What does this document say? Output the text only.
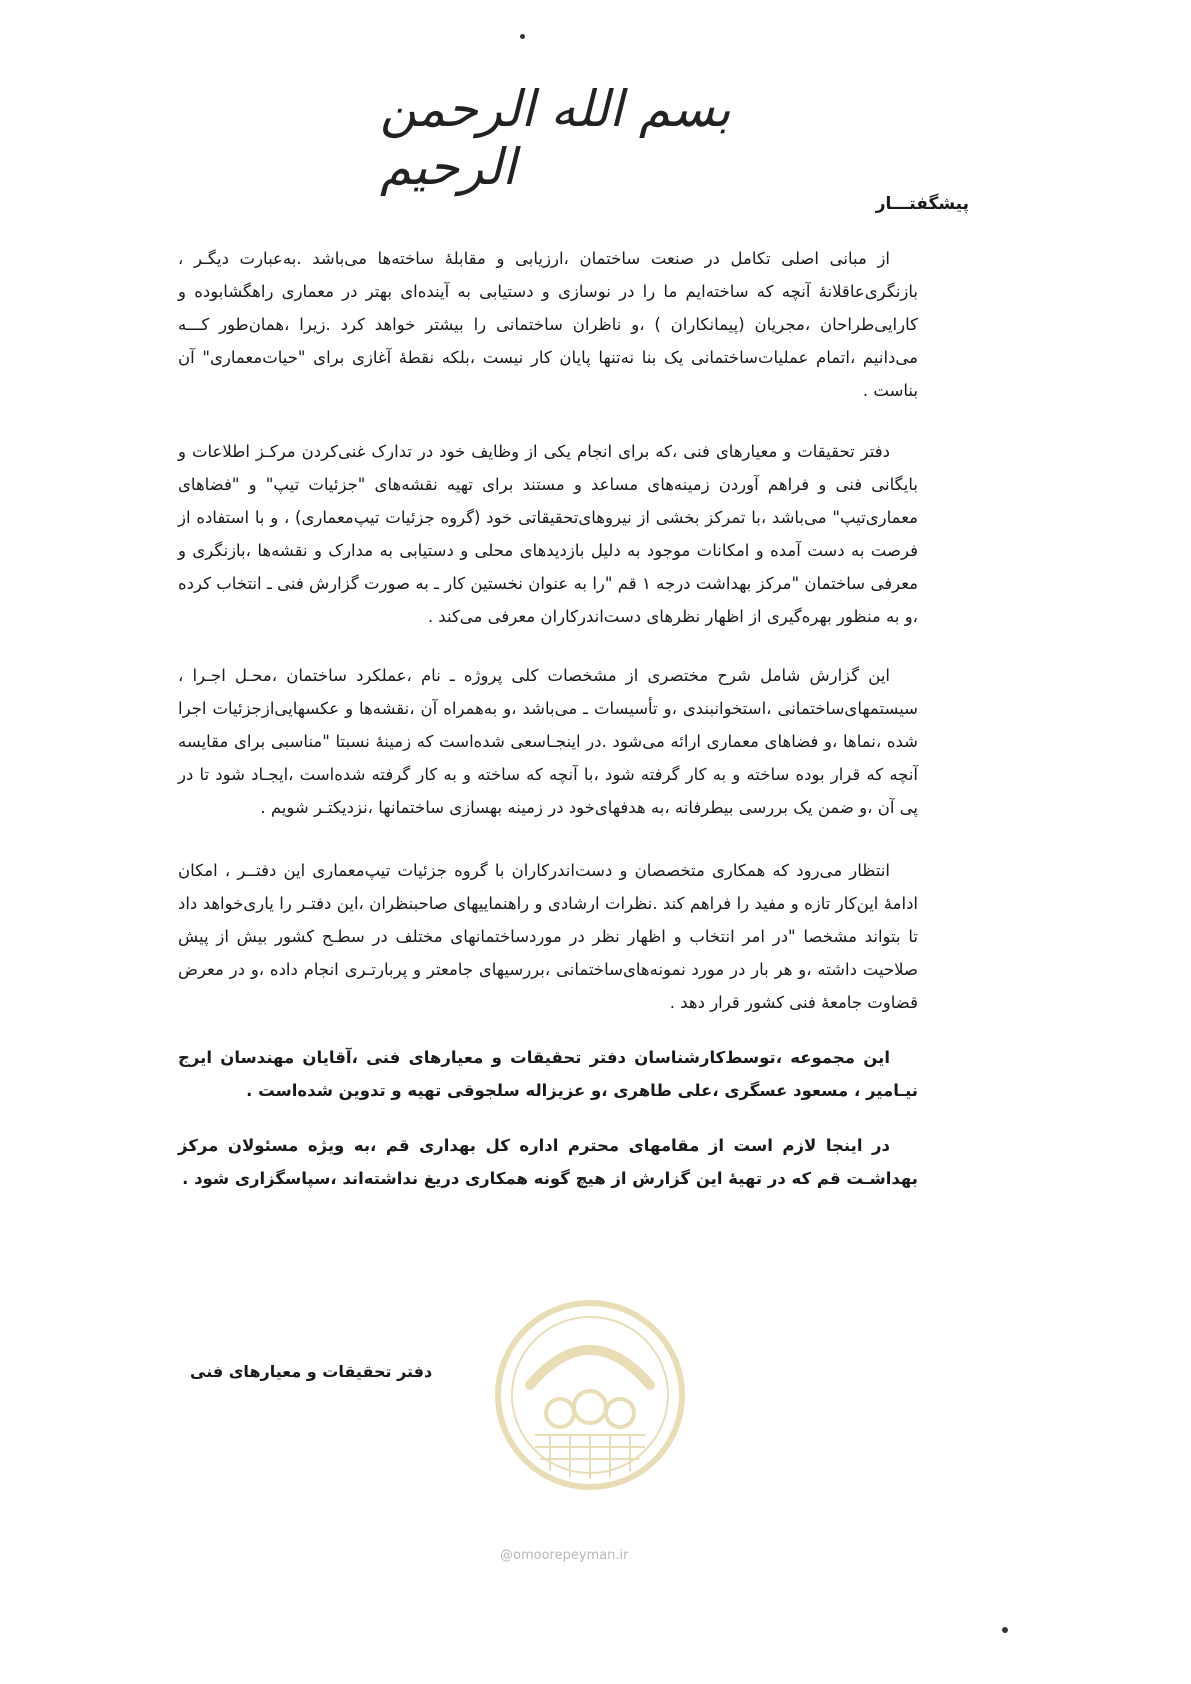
بسم الله الرحمن الرحیم
پیشگفتـــار

از مبانی اصلی تکامل در صنعت ساختمان ،ارزیابی و مقابله‌ٔ ساخته‌ها می‌باشد .به‌عبارت دیگـر ، بازنگری‌عاقلانه‌ٔ آنچه که ساخته‌ایم ما را در نوسازی و دستیابی به آینده‌ای بهتر در معماری راهگشابوده و کارایی‌طراحان ،مجریان (پیمانکاران ) ،و ناظران ساختمانی را بیشتر خواهد کرد .زیرا ،همان‌طور کـــه می‌دانیم ،اتمام عملیات‌ساختمانی یک بنا نه‌تنها پایان کار نیست ،بلکه نقطه‌ٔ آغازی برای "حیات‌معماری" آن بناست .

دفتر تحقیقات و معیارهای فنی ،که برای انجام یکی از وظایف خود در تدارک غنی‌کردن مرکـز اطلاعات و بایگانی فنی و فراهم آوردن زمینه‌های مساعد و مستند برای تهیه نقشه‌های "جزئیات تیپ" و "فضاهای معماری‌تیپ" می‌باشد ،با تمرکز بخشی از نیروهای‌تحقیقاتی خود (گروه جزئیات تیپ‌معماری) ، و با استفاده از فرصت به دست آمده و امکانات موجود به دلیل بازدیدهای محلی و دستیابی به مدارک و نقشه‌ها ،بازنگری و معرفی ساختمان "مرکز بهداشت درجه ۱ قم "را به عنوان نخستین کار ـ به صورت گزارش فنی ـ انتخاب کرده ،و به منظور بهره‌گیری از اظهار نظرهای دست‌اندرکاران معرفی می‌کند .

این گزارش شامل شرح مختصری از مشخصات کلی پروژه ـ نام ،عملکرد ساختمان ،محـل اجـرا ، سیستمهای‌ساختمانی ،استخوانبندی ،و تأسیسات ـ می‌باشد ،و به‌همراه آن ،نقشه‌ها و عکسهایی‌ازجزئیات اجرا شده ،نماها ،و فضاهای معماری ارائه می‌شود .در اینجـا‌سعی شده‌است که زمینه‌ٔ نسبتا "مناسبی برای مقایسه آنچه که قرار بوده ساخته و به کار گرفته شود ،با آنچه که ساخته و به کار گرفته شده‌است ،ایجـاد شود تا در پی آن ،و ضمن یک بررسی بیطرفانه ،به هدفهای‌خود در زمینه بهسازی ساختمانها ،نزدیکتـر شویم .

انتظار می‌رود که همکاری متخصصان و دست‌اندرکاران با گروه جزئیات تیپ‌معماری این دفتــر ، امکان ادامه‌ٔ این‌کار تازه و مفید را فراهم کند .نظرات ارشادی و راهنماییهای صاحبنظران ،این دفتـر را یاری‌خواهد داد تا بتواند مشخصا "در امر انتخاب و اظهار نظر در موردساختمانهای مختلف در سطـح کشور بیش از پیش صلاحیت داشته ،و هر بار در مورد نمونه‌های‌ساختمانی ،بررسیهای جامعتر و پربارتـری انجام داده ،و در معرض قضاوت جامعه‌ٔ فنی کشور قرار دهد .

این مجموعه ،توسط‌کارشناسان دفتر تحقیقات و معیارهای فنی ،آقایان مهندسان ایرج نیـامیر ، مسعود عسگری ،علی طاهری ،و عزیزاله سلجوقی تهیه و تدوین شده‌است .

در اینجا لازم است از مقامهای محترم اداره کل بهداری قم ،به ویژه مسئولان مرکز بهداشـت قم که در تهیه‌ٔ این گزارش از هیچ گونه همکاری دریغ نداشته‌اند ،سپاسگزاری شود .

دفتر تحقیقات و معیارهای فنی
@omoorepeyman.ir
